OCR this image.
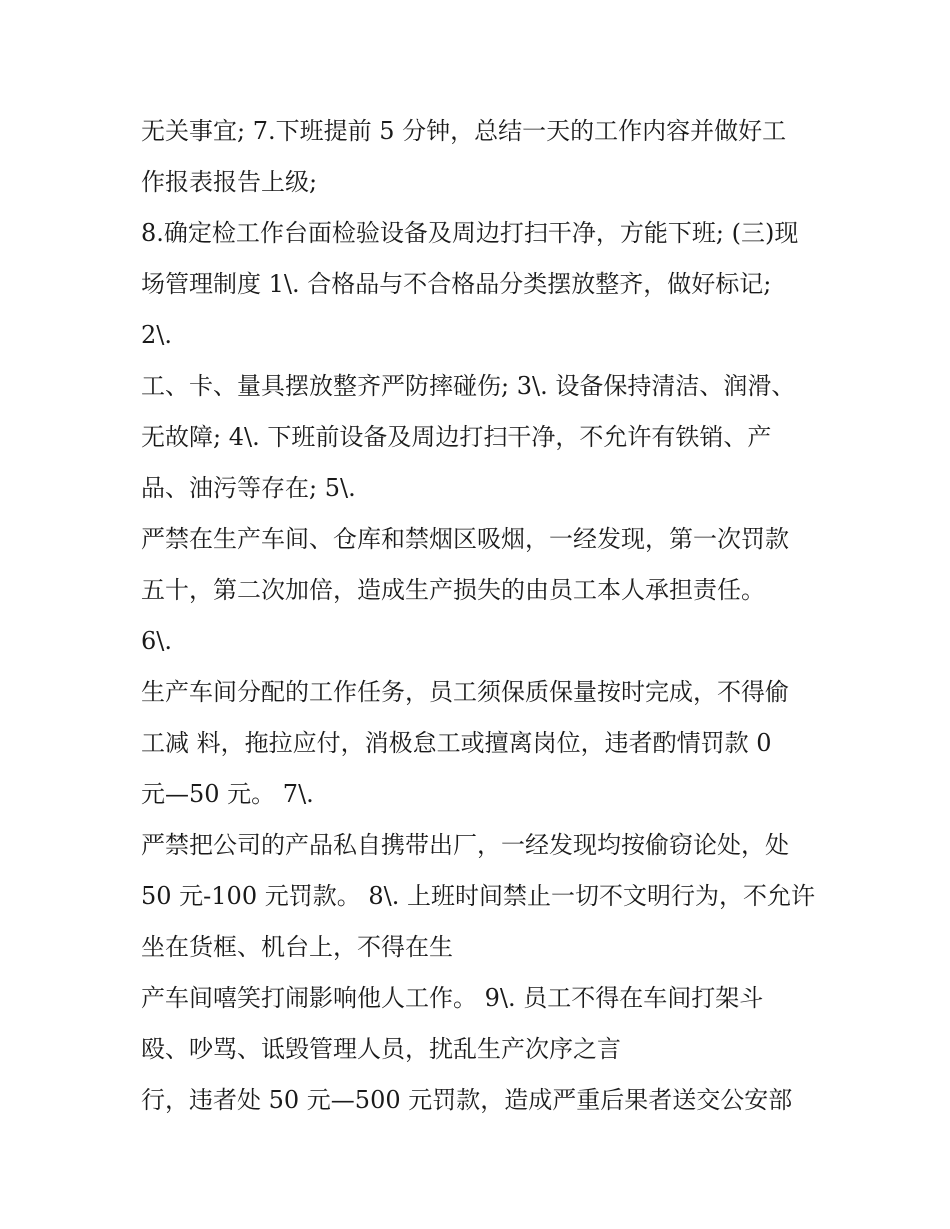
无关事宜; 7.下班提前 5 分钟，总结一天的工作内容并做好工
作报表报告上级;
8.确定检工作台面检验设备及周边打扫干净，方能下班; (三)现
场管理制度 1\. 合格品与不合格品分类摆放整齐，做好标记;
2\.
工、卡、量具摆放整齐严防摔碰伤; 3\. 设备保持清洁、润滑、
无故障; 4\. 下班前设备及周边打扫干净，不允许有铁销、产
品、油污等存在; 5\.
严禁在生产车间、仓库和禁烟区吸烟，一经发现，第一次罚款
五十，第二次加倍，造成生产损失的由员工本人承担责任。
6\.
生产车间分配的工作任务，员工须保质保量按时完成，不得偷
工减 料，拖拉应付，消极怠工或擅离岗位，违者酌情罚款 0
元—50 元。 7\.
严禁把公司的产品私自携带出厂，一经发现均按偷窃论处，处
50 元-100 元罚款。 8\. 上班时间禁止一切不文明行为，不允许
坐在货框、机台上，不得在生
产车间嘻笑打闹影响他人工作。 9\. 员工不得在车间打架斗
殴、吵骂、诋毁管理人员，扰乱生产次序之言
行，违者处 50 元—500 元罚款，造成严重后果者送交公安部
